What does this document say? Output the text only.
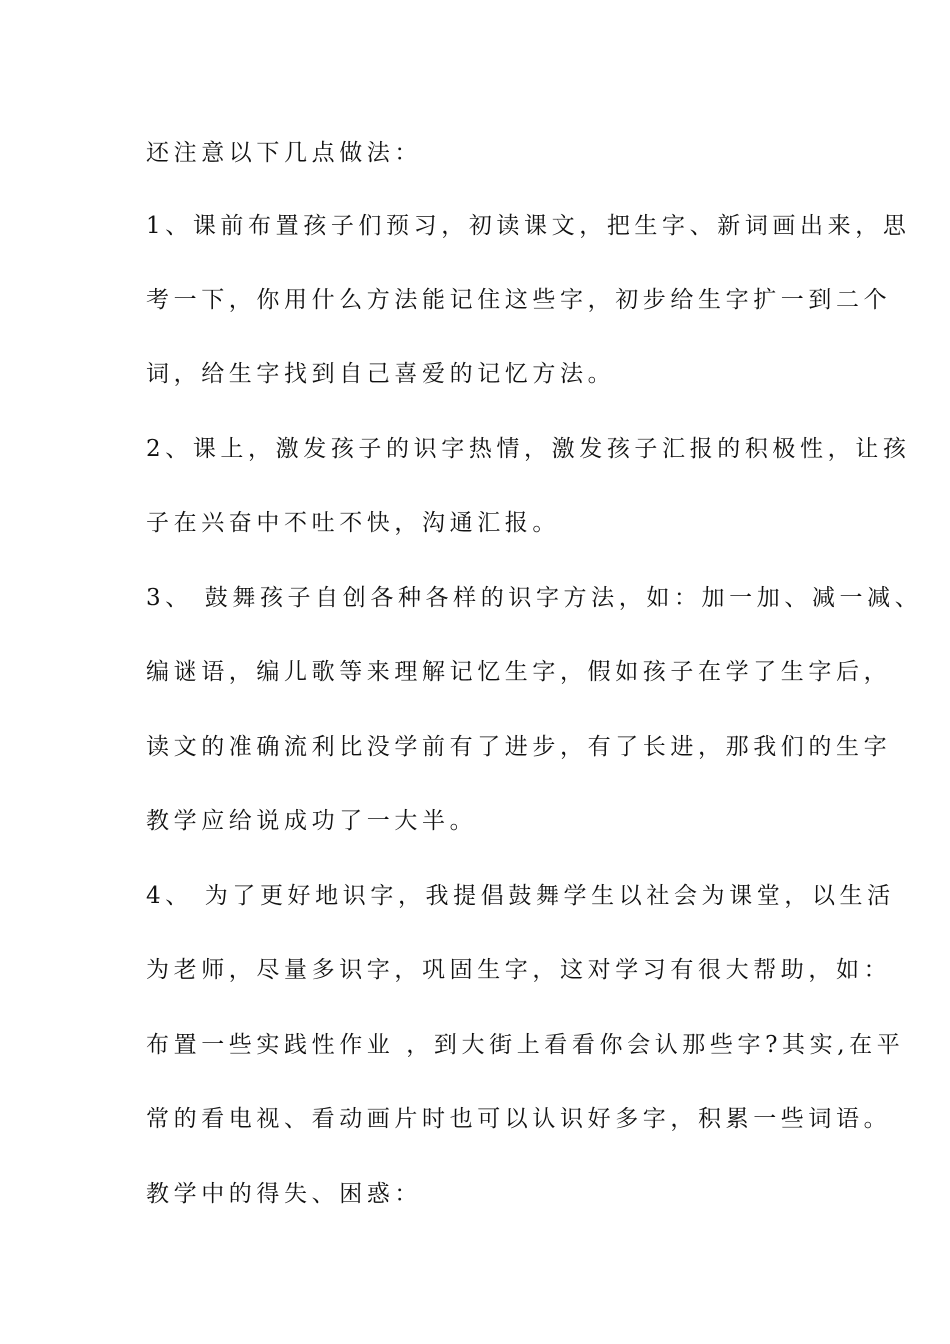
还注意以下几点做法：

1、课前布置孩子们预习，初读课文，把生字、新词画出来，思

考一下，你用什么方法能记住这些字，初步给生字扩一到二个

词，给生字找到自己喜爱的记忆方法。

2、课上，激发孩子的识字热情，激发孩子汇报的积极性，让孩

子在兴奋中不吐不快，沟通汇报。

3、 鼓舞孩子自创各种各样的识字方法，如：加一加、减一减、

编谜语，编儿歌等来理解记忆生字，假如孩子在学了生字后，

读文的准确流利比没学前有了进步，有了长进，那我们的生字

教学应给说成功了一大半。

4、 为了更好地识字，我提倡鼓舞学生以社会为课堂，以生活

为老师，尽量多识字，巩固生字，这对学习有很大帮助，如：

布置一些实践性作业 ，到大街上看看你会认那些字?其实,在平

常的看电视、看动画片时也可以认识好多字，积累一些词语。

教学中的得失、困惑：
